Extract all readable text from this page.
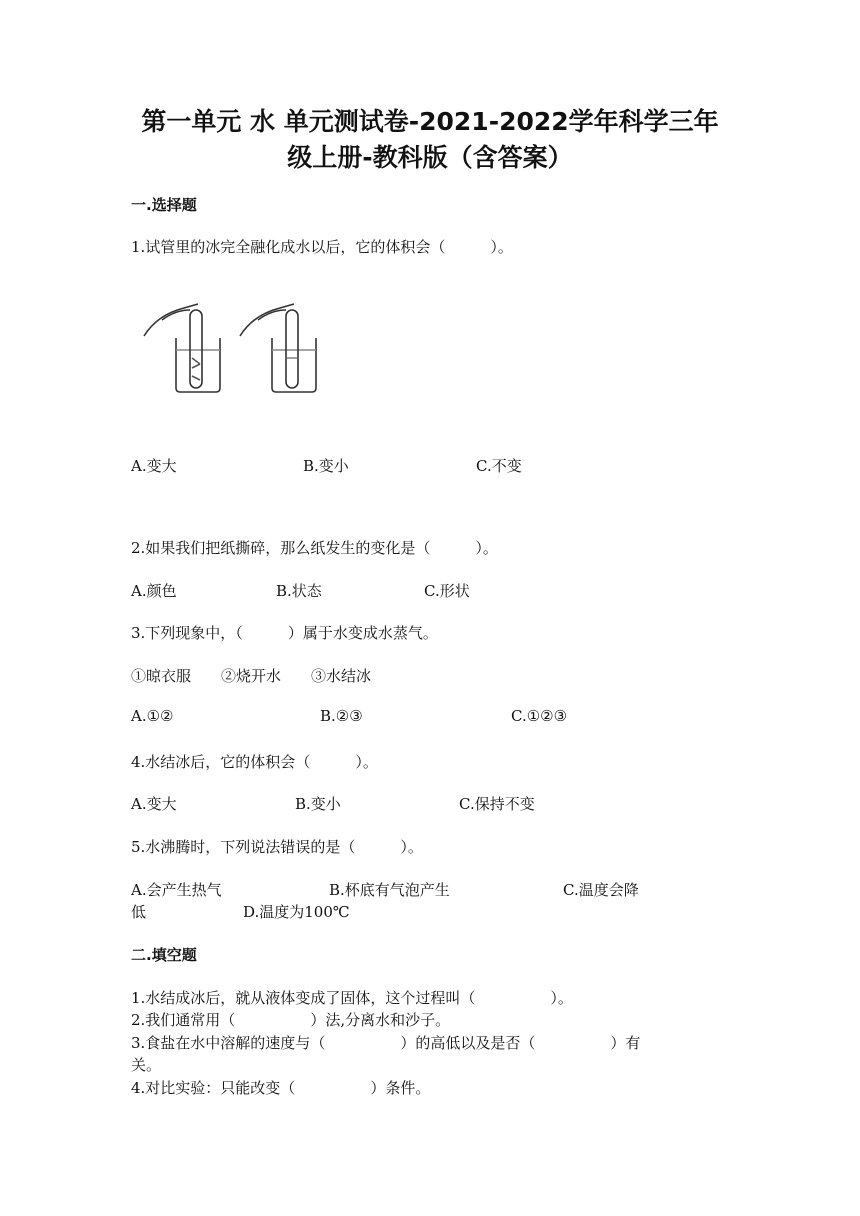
第一单元 水 单元测试卷-2021-2022学年科学三年
级上册-教科版（含答案）
一.选择题
1.试管里的冰完全融化成水以后，它的体积会（　　　）。
A.变大	B.变小	C.不变
2.如果我们把纸撕碎，那么纸发生的变化是（　　　）。
A.颜色	B.状态	C.形状
3.下列现象中，（　　　）属于水变成水蒸气。
①晾衣服　　②烧开水　　③水结冰
A.①②	B.②③	C.①②③
4.水结冰后，它的体积会（　　　）。
A.变大	B.变小	C.保持不变
5.水沸腾时，下列说法错误的是（　　　）。
A.会产生热气	B.杯底有气泡产生	C.温度会降
低	D.温度为100℃
二.填空题
1.水结成冰后，就从液体变成了固体，这个过程叫（　　　　　）。
2.我们通常用（　　　　　）法,分离水和沙子。
3.食盐在水中溶解的速度与（　　　　　）的高低以及是否（　　　　　）有
关。
4.对比实验：只能改变（　　　　　）条件。
